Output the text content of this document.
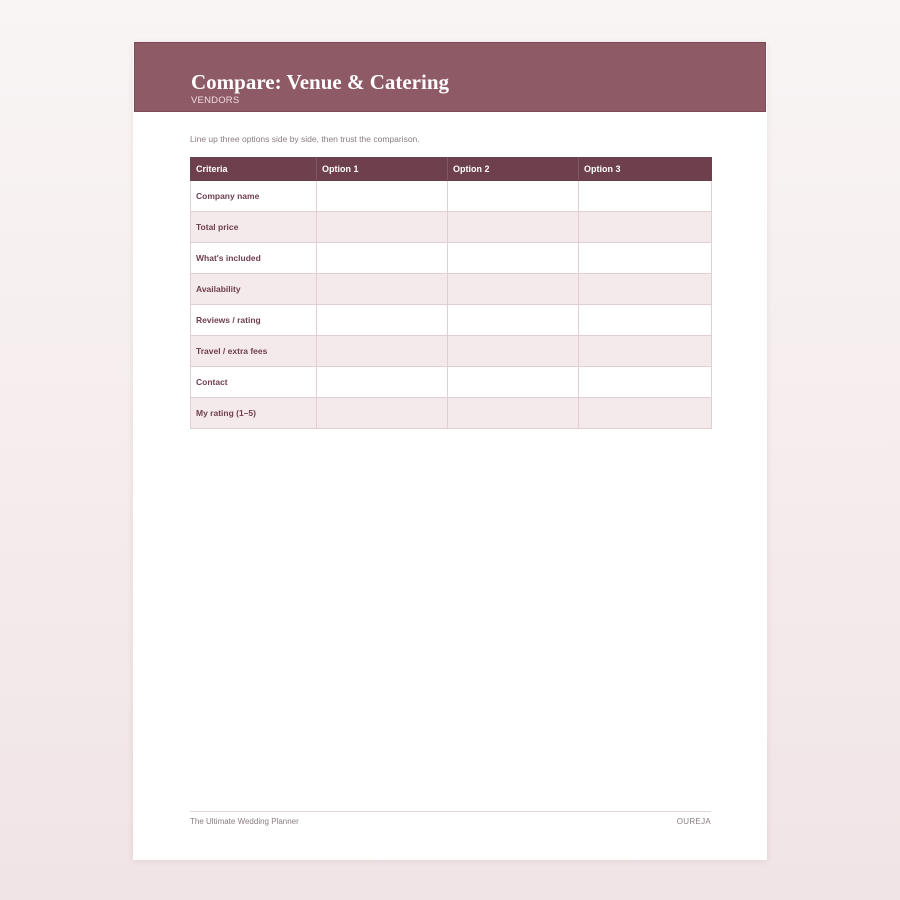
Compare: Venue & Catering
VENDORS
Line up three options side by side, then trust the comparison.
Criteria	Option 1	Option 2	Option 3
Company name			
Total price			
What's included			
Availability			
Reviews / rating			
Travel / extra fees			
Contact			
My rating (1–5)			
The Ultimate Wedding Planner	OUREJA
